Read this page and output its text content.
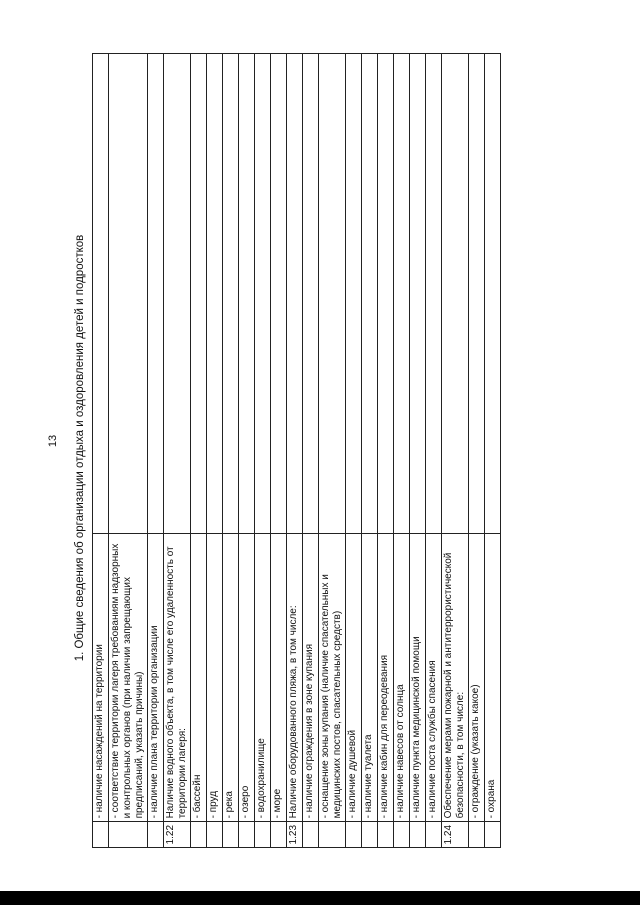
13	1. Общие сведения об организации отдыха и оздоровления детей и подростков
	- наличие насаждений на территории	
	- соответствие территории лагеря требованиям надзорных и контрольных органов (при наличии запрещающих предписаний, указать причины)	
	- наличие плана территории организации	
1.22	Наличие водного объекта, в том числе его удаленность от территории лагеря:	
	- бассейн	
	- пруд	
	- река	
	- озеро	
	- водохранилище	
	- море	
1.23	Наличие оборудованного пляжа, в том числе:	
	- наличие ограждения в зоне купания	
	- оснащение зоны купания (наличие спасательных и медицинских постов, спасательных средств)	
	- наличие душевой	
	- наличие туалета	
	- наличие кабин для переодевания	
	- наличие навесов от солнца	
	- наличие пункта медицинской помощи	
	- наличие поста службы спасения	
1.24	Обеспечение мерами пожарной и антитеррористической безопасности, в том числе:	
	- ограждение (указать какое)	
	- охрана	
